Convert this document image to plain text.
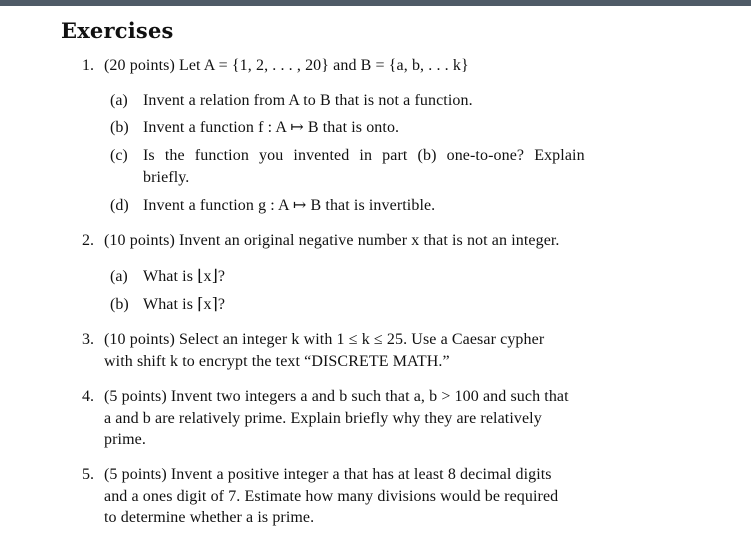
Exercises
1. (20 points) Let A = {1, 2, . . . , 20} and B = {a, b, . . . k}
(a) Invent a relation from A to B that is not a function.
(b) Invent a function f : A ↦ B that is onto.
(c) Is the function you invented in part (b) one-to-one? Explain
briefly.
(d) Invent a function g : A ↦ B that is invertible.
2. (10 points) Invent an original negative number x that is not an integer.
(a) What is ⌊x⌋?
(b) What is ⌈x⌉?
3. (10 points) Select an integer k with 1 ≤ k ≤ 25. Use a Caesar cypher
with shift k to encrypt the text “DISCRETE MATH.”
4. (5 points) Invent two integers a and b such that a, b > 100 and such that
a and b are relatively prime. Explain briefly why they are relatively
prime.
5. (5 points) Invent a positive integer a that has at least 8 decimal digits
and a ones digit of 7. Estimate how many divisions would be required
to determine whether a is prime.
